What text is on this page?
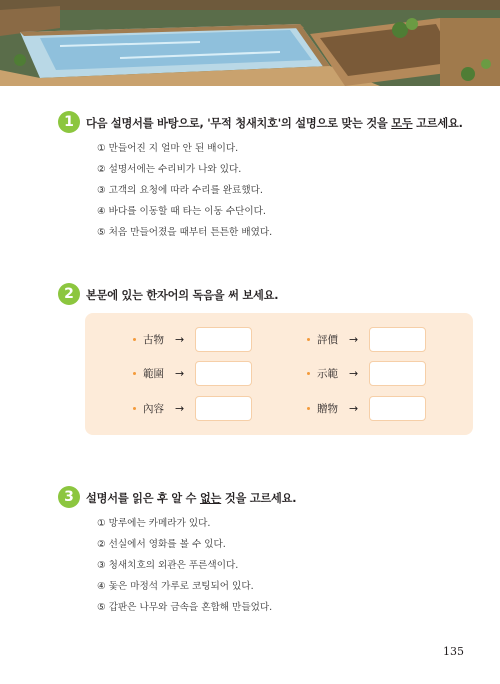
1	다음 설명서를 바탕으로, '무적 청새치호'의 설명으로 맞는 것을 모두 고르세요.
① 만들어진 지 얼마 안 된 배이다.
② 설명서에는 수리비가 나와 있다.
③ 고객의 요청에 따라 수리를 완료했다.
④ 바다를 이동할 때 타는 이동 수단이다.
⑤ 처음 만들어졌을 때부터 튼튼한 배였다.
2	본문에 있는 한자어의 독음을 써 보세요.
古物	→	評價	→
範圍	→	示範	→
內容	→	贈物	→
3	설명서를 읽은 후 알 수 없는 것을 고르세요.
① 망루에는 카메라가 있다.
② 선실에서 영화를 볼 수 있다.
③ 청새치호의 외관은 푸른색이다.
④ 돛은 마정석 가루로 코팅되어 있다.
⑤ 갑판은 나무와 금속을 혼합해 만들었다.
135
